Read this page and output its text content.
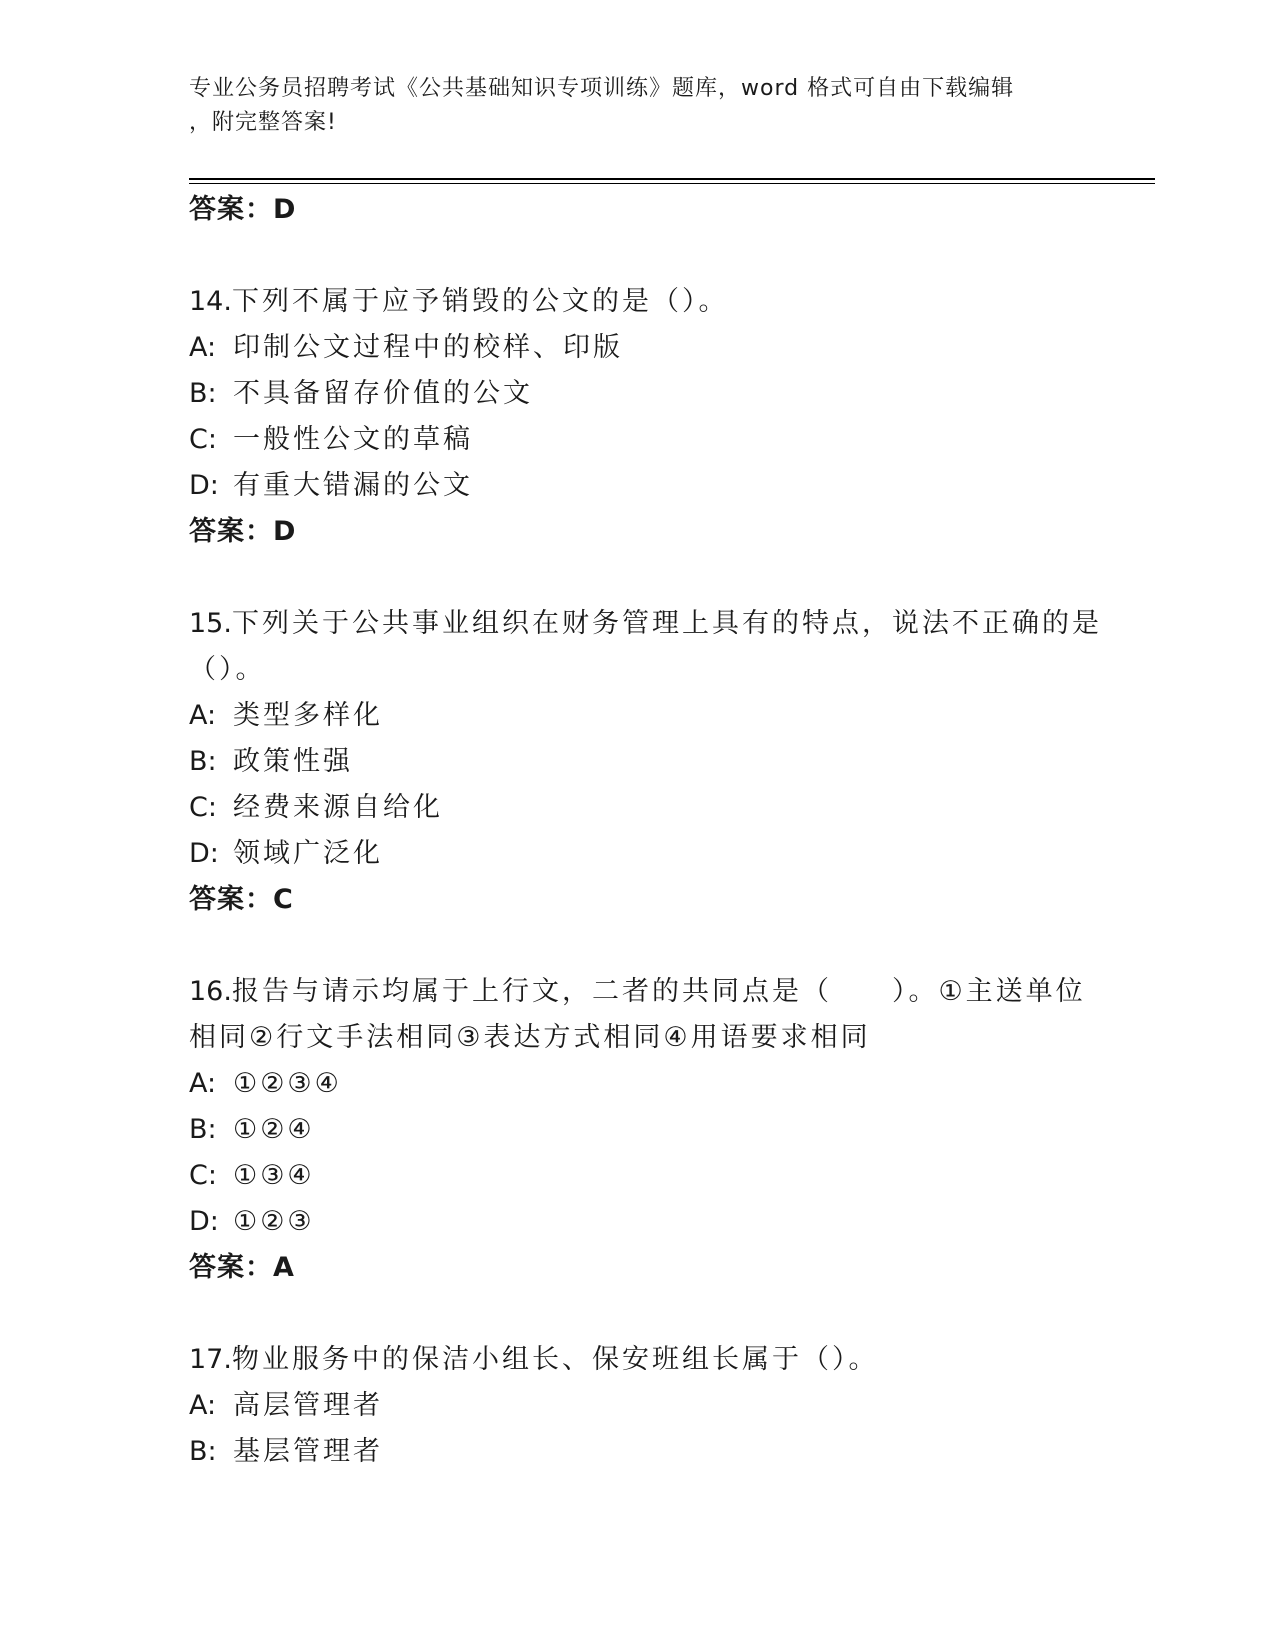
专业公务员招聘考试《公共基础知识专项训练》题库，word 格式可自由下载编辑
，附完整答案!
答案：D
14.下列不属于应予销毁的公文的是（）。
A: 印制公文过程中的校样、印版
B: 不具备留存价值的公文
C: 一般性公文的草稿
D: 有重大错漏的公文
答案：D
15.下列关于公共事业组织在财务管理上具有的特点，说法不正确的是
（）。
A: 类型多样化
B: 政策性强
C: 经费来源自给化
D: 领域广泛化
答案：C
16.报告与请示均属于上行文，二者的共同点是（　　）。①主送单位
相同②行文手法相同③表达方式相同④用语要求相同
A: ①②③④
B: ①②④
C: ①③④
D: ①②③
答案：A
17.物业服务中的保洁小组长、保安班组长属于（）。
A: 高层管理者
B: 基层管理者
